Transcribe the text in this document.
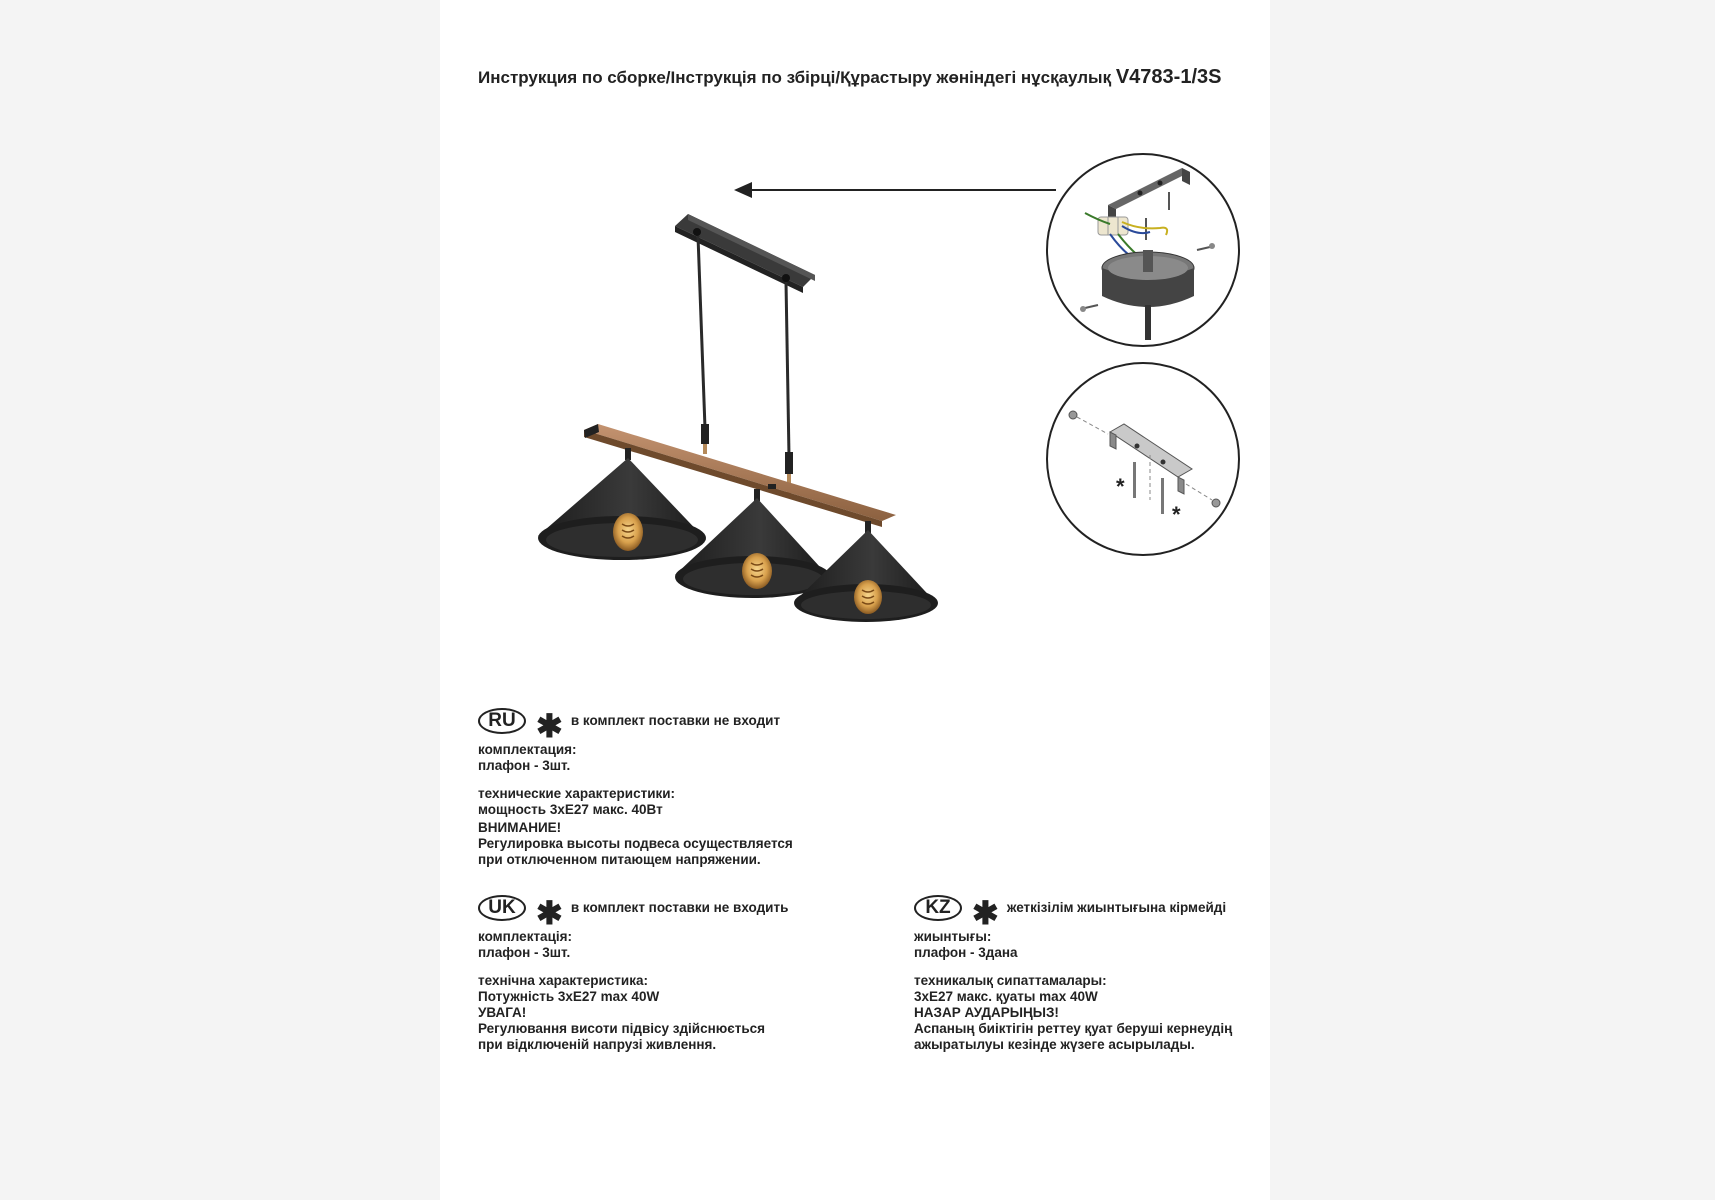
Инструкция по сборке/Інструкція по збірці/Құрастыру жөніндегі нұсқаулық V4783-1/3S
*
*
RU ✱ в комплект поставки не входит

комплектация:

плафон - 3шт.

технические характеристики:

мощность 3хЕ27 макс. 40Вт

ВНИМАНИЕ!

Регулировка высоты подвеса осуществляется

при отключенном питающем напряжении.

UK ✱ в комплект поставки не входить

комплектація:

плафон - 3шт.

технічна характеристика:

Потужність 3хЕ27 max 40W

УВАГА!

Регулювання висоти підвісу здійснюється

при відключеній напрузі живлення.

KZ ✱ жеткізілім жиынтығына кірмейді

жиынтығы:

плафон - 3дана

техникалық сипаттамалары:

3хЕ27 макс. қуаты max 40W

НАЗАР АУДАРЫҢЫЗ!

Аспаның биіктігін реттеу қуат беруші кернеудің

ажыратылуы кезінде жүзеге асырылады.
